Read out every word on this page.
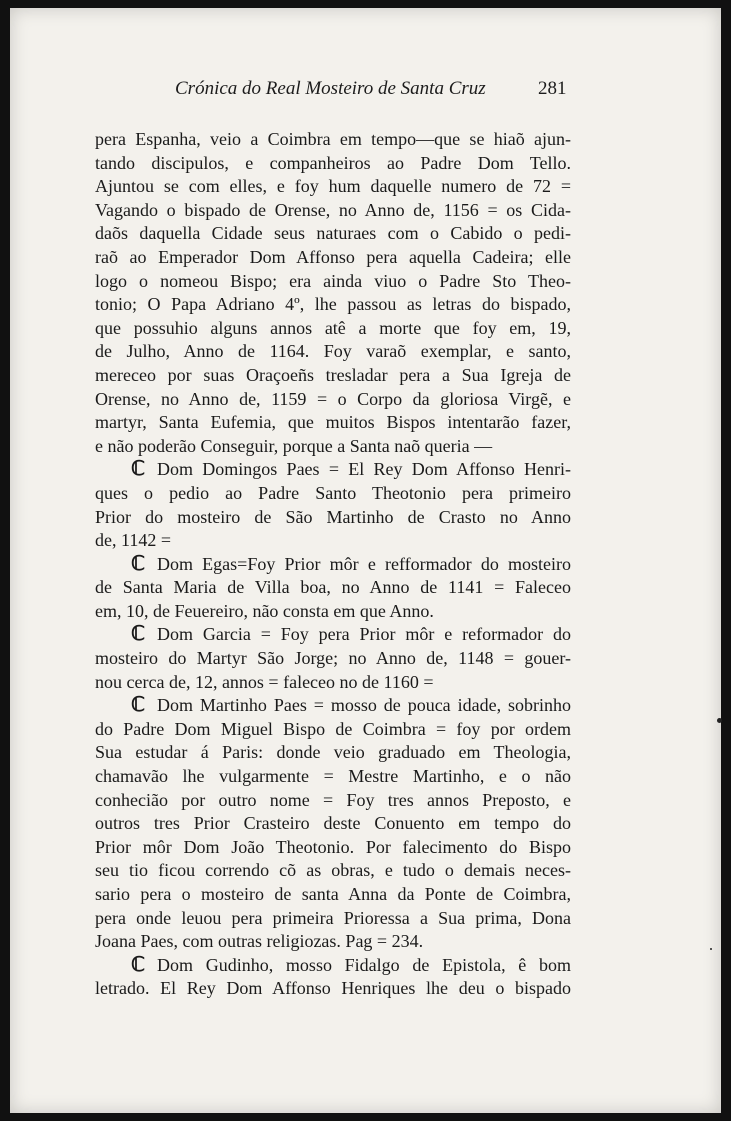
Crónica do Real Mosteiro de Santa Cruz	281
pera Espanha, veio a Coimbra em tempo—que se hiaõ ajun-
tando discipulos, e companheiros ao Padre Dom Tello.
Ajuntou se com elles, e foy hum daquelle numero de 72 =
Vagando o bispado de Orense, no Anno de, 1156 = os Cida-
daõs daquella Cidade seus naturaes com o Cabido o pedi-
raõ ao Emperador Dom Affonso pera aquella Cadeira; elle
logo o nomeou Bispo; era ainda viuo o Padre Sto Theo-
tonio; O Papa Adriano 4º, lhe passou as letras do bispado,
que possuhio alguns annos atê a morte que foy em, 19,
de Julho, Anno de 1164. Foy varaõ exemplar, e santo,
mereceo por suas Oraçoeñs tresladar pera a Sua Igreja de
Orense, no Anno de, 1159 = o Corpo da gloriosa Virgẽ, e
martyr, Santa Eufemia, que muitos Bispos intentarão fazer,
e não poderão Conseguir, porque a Santa naõ queria —
ℂ Dom Domingos Paes = El Rey Dom Affonso Henri-
ques o pedio ao Padre Santo Theotonio pera primeiro
Prior do mosteiro de São Martinho de Crasto no Anno
de, 1142 =
ℂ Dom Egas=Foy Prior môr e refformador do mosteiro
de Santa Maria de Villa boa, no Anno de 1141 = Faleceo
em, 10, de Feuereiro, não consta em que Anno.
ℂ Dom Garcia = Foy pera Prior môr e reformador do
mosteiro do Martyr São Jorge; no Anno de, 1148 = gouer-
nou cerca de, 12, annos = faleceo no de 1160 =
ℂ Dom Martinho Paes = mosso de pouca idade, sobrinho
do Padre Dom Miguel Bispo de Coimbra = foy por ordem
Sua estudar á Paris: donde veio graduado em Theologia,
chamavão lhe vulgarmente = Mestre Martinho, e o não
conhecião por outro nome = Foy tres annos Preposto, e
outros tres Prior Crasteiro deste Conuento em tempo do
Prior môr Dom João Theotonio. Por falecimento do Bispo
seu tio ficou correndo cõ as obras, e tudo o demais neces-
sario pera o mosteiro de santa Anna da Ponte de Coimbra,
pera onde leuou pera primeira Prioressa a Sua prima, Dona
Joana Paes, com outras religiozas. Pag = 234.
ℂ Dom Gudinho, mosso Fidalgo de Epistola, ê bom
letrado. El Rey Dom Affonso Henriques lhe deu o bispado
